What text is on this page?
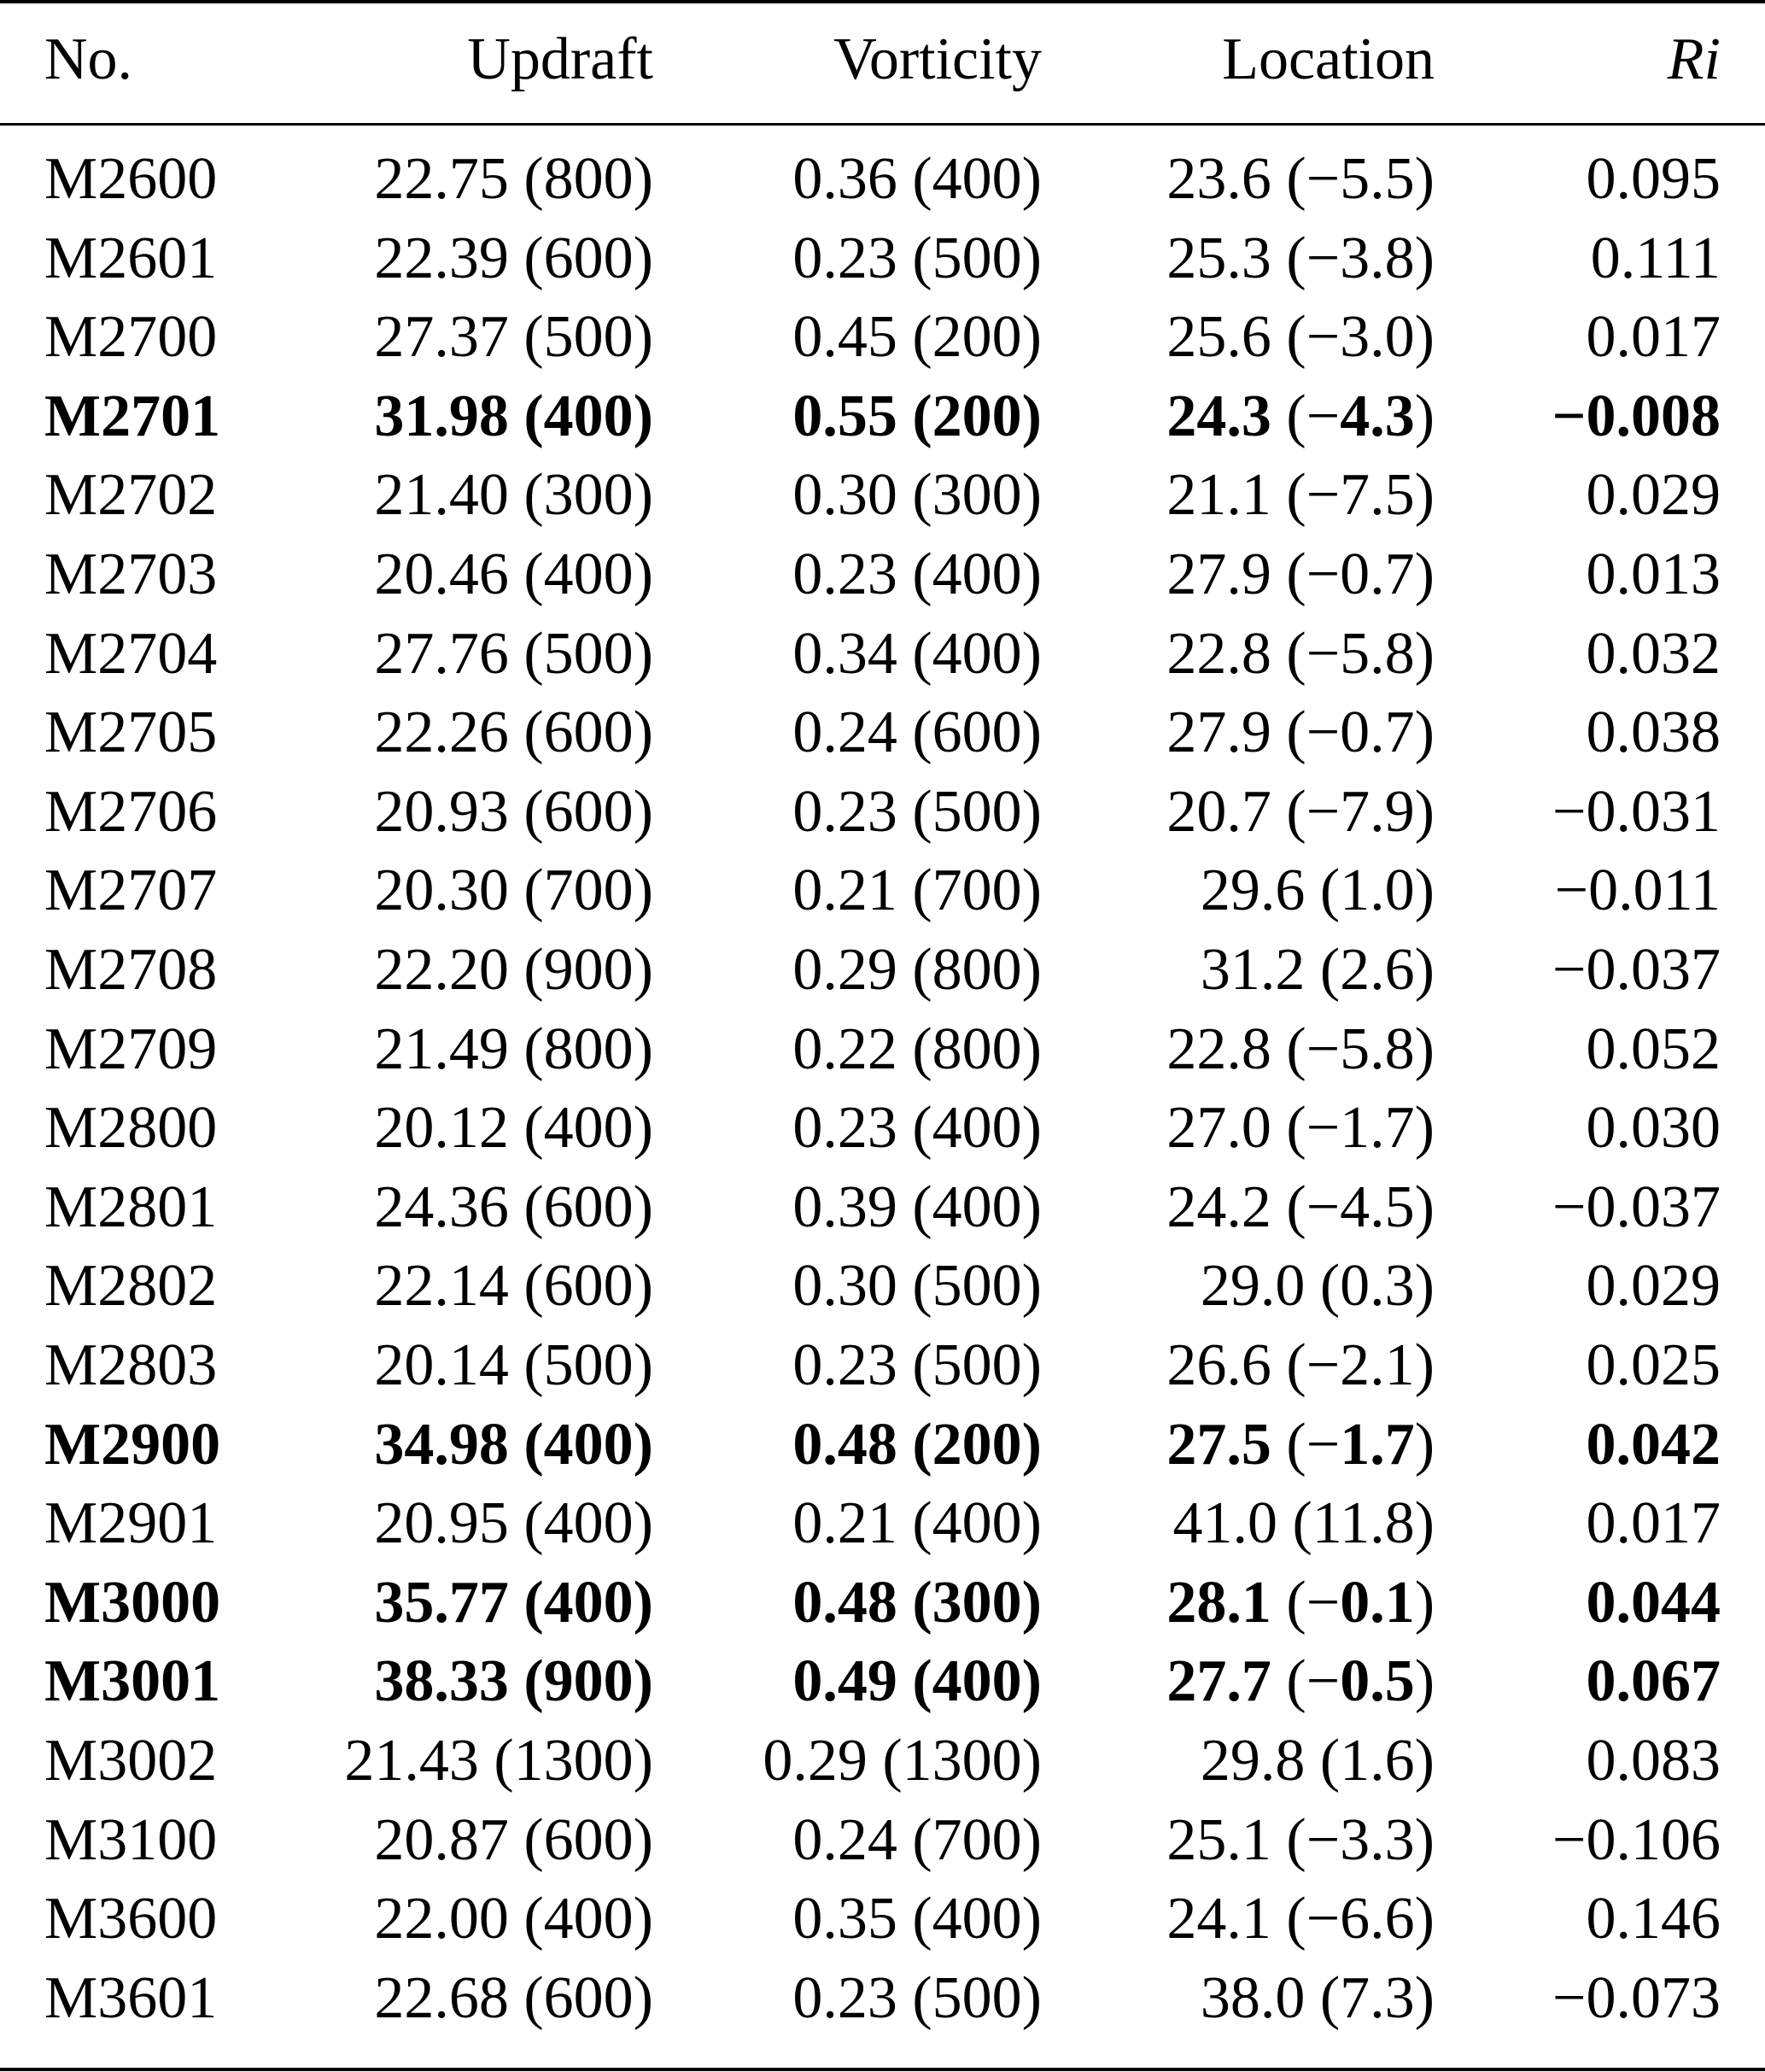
No.	Updraft	Vorticity	Location	Ri
M2600	22.75 (800)	0.36 (400)	23.6 (−5.5)	0.095
M2601	22.39 (600)	0.23 (500)	25.3 (−3.8)	0.111
M2700	27.37 (500)	0.45 (200)	25.6 (−3.0)	0.017
M2701	31.98 (400)	0.55 (200)	24.3 (−4.3)	−0.008
M2702	21.40 (300)	0.30 (300)	21.1 (−7.5)	0.029
M2703	20.46 (400)	0.23 (400)	27.9 (−0.7)	0.013
M2704	27.76 (500)	0.34 (400)	22.8 (−5.8)	0.032
M2705	22.26 (600)	0.24 (600)	27.9 (−0.7)	0.038
M2706	20.93 (600)	0.23 (500)	20.7 (−7.9)	−0.031
M2707	20.30 (700)	0.21 (700)	29.6 (1.0)	−0.011
M2708	22.20 (900)	0.29 (800)	31.2 (2.6)	−0.037
M2709	21.49 (800)	0.22 (800)	22.8 (−5.8)	0.052
M2800	20.12 (400)	0.23 (400)	27.0 (−1.7)	0.030
M2801	24.36 (600)	0.39 (400)	24.2 (−4.5)	−0.037
M2802	22.14 (600)	0.30 (500)	29.0 (0.3)	0.029
M2803	20.14 (500)	0.23 (500)	26.6 (−2.1)	0.025
M2900	34.98 (400)	0.48 (200)	27.5 (−1.7)	0.042
M2901	20.95 (400)	0.21 (400)	41.0 (11.8)	0.017
M3000	35.77 (400)	0.48 (300)	28.1 (−0.1)	0.044
M3001	38.33 (900)	0.49 (400)	27.7 (−0.5)	0.067
M3002	21.43 (1300)	0.29 (1300)	29.8 (1.6)	0.083
M3100	20.87 (600)	0.24 (700)	25.1 (−3.3)	−0.106
M3600	22.00 (400)	0.35 (400)	24.1 (−6.6)	0.146
M3601	22.68 (600)	0.23 (500)	38.0 (7.3)	−0.073
